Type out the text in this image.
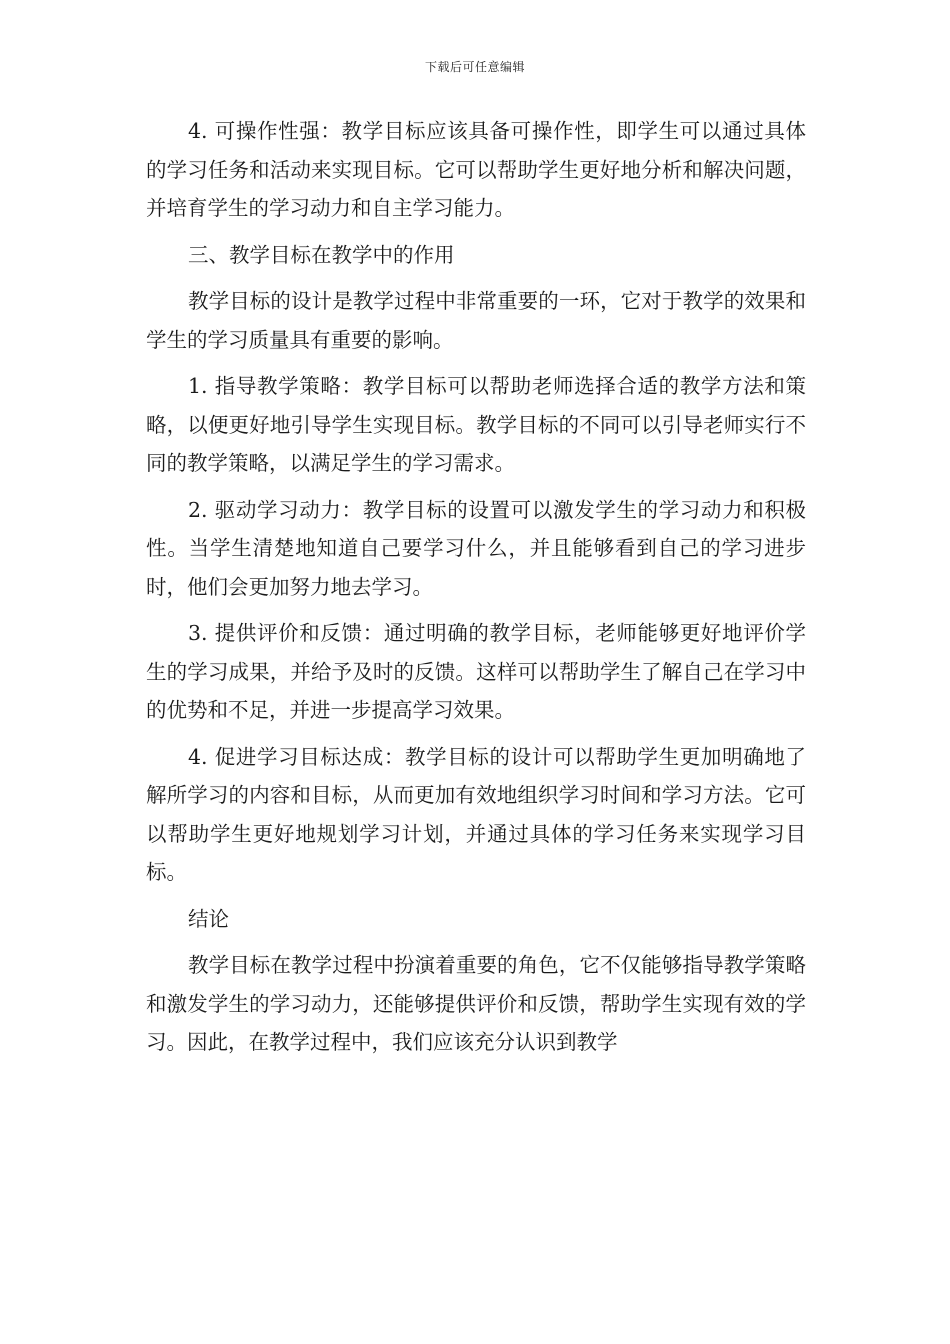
下载后可任意编辑

4. 可操作性强：教学目标应该具备可操作性，即学生可以通过具体的学习任务和活动来实现目标。它可以帮助学生更好地分析和解决问题，并培育学生的学习动力和自主学习能力。

三、教学目标在教学中的作用

教学目标的设计是教学过程中非常重要的一环，它对于教学的效果和学生的学习质量具有重要的影响。

1. 指导教学策略：教学目标可以帮助老师选择合适的教学方法和策略，以便更好地引导学生实现目标。教学目标的不同可以引导老师实行不同的教学策略，以满足学生的学习需求。

2. 驱动学习动力：教学目标的设置可以激发学生的学习动力和积极性。当学生清楚地知道自己要学习什么，并且能够看到自己的学习进步时，他们会更加努力地去学习。

3. 提供评价和反馈：通过明确的教学目标，老师能够更好地评价学生的学习成果，并给予及时的反馈。这样可以帮助学生了解自己在学习中的优势和不足，并进一步提高学习效果。

4. 促进学习目标达成：教学目标的设计可以帮助学生更加明确地了解所学习的内容和目标，从而更加有效地组织学习时间和学习方法。它可以帮助学生更好地规划学习计划，并通过具体的学习任务来实现学习目标。

结论

教学目标在教学过程中扮演着重要的角色，它不仅能够指导教学策略和激发学生的学习动力，还能够提供评价和反馈，帮助学生实现有效的学习。因此，在教学过程中，我们应该充分认识到教学
